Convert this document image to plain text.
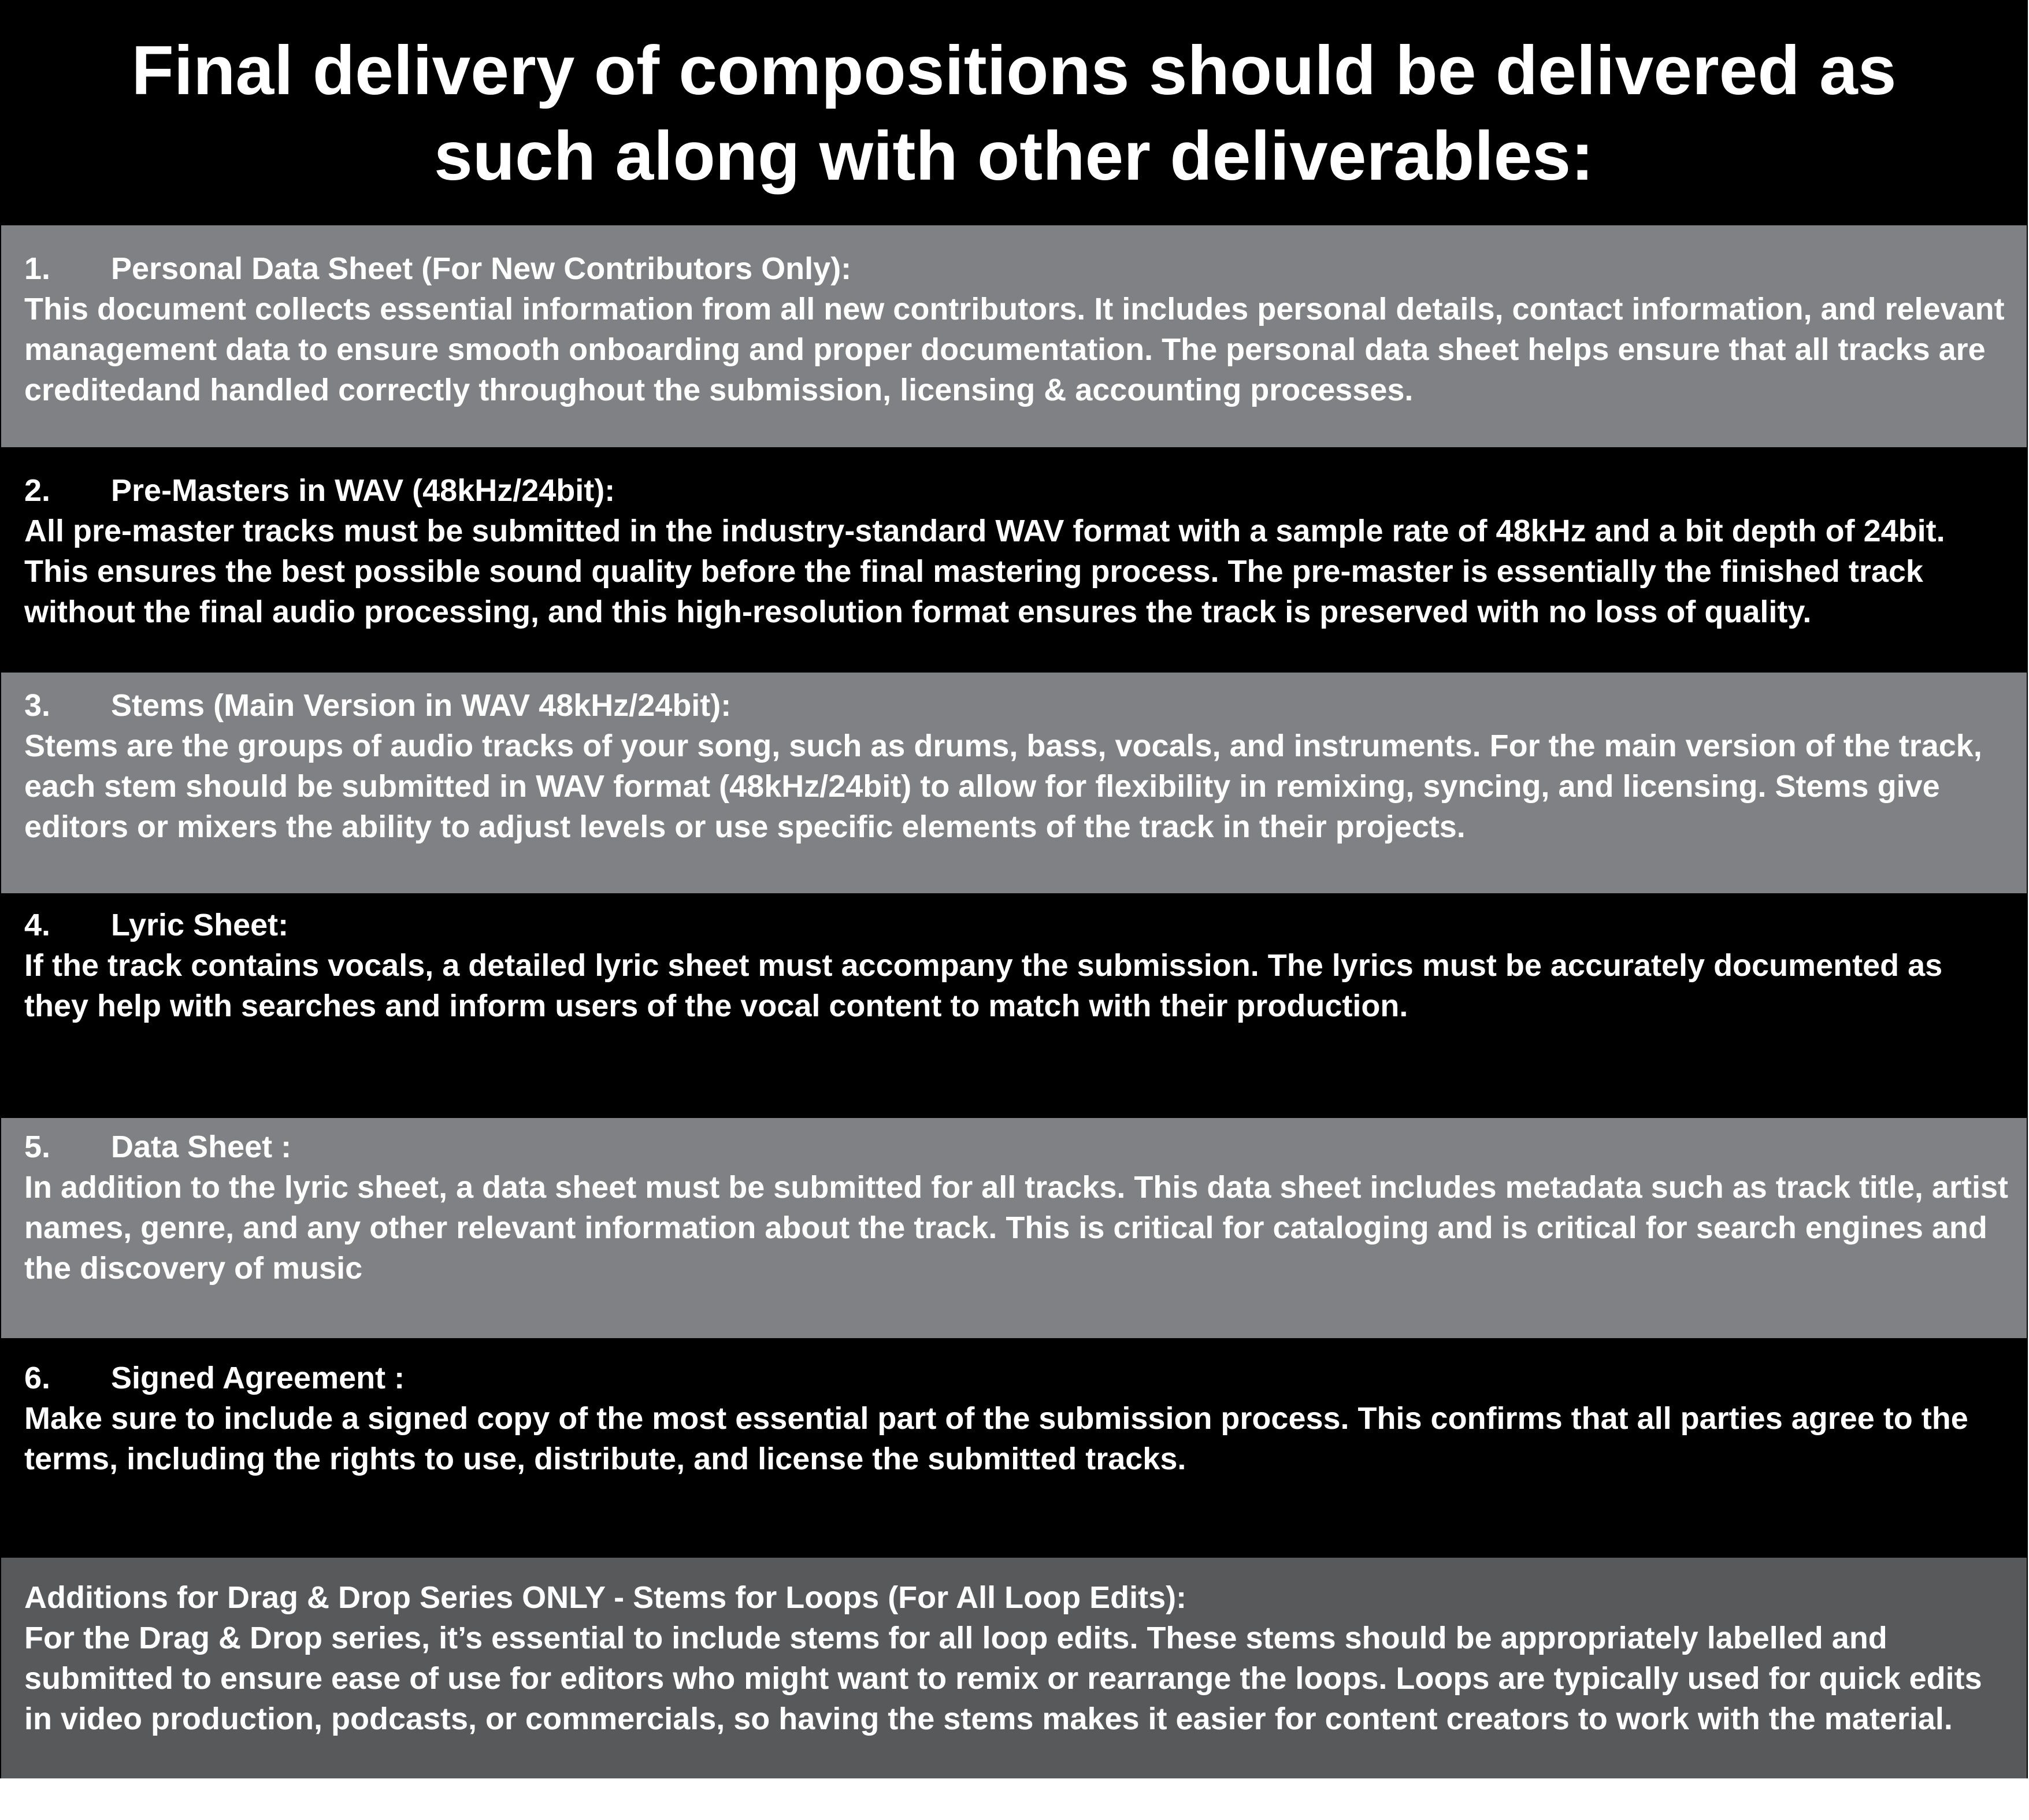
Final delivery of compositions should be delivered as such along with other deliverables:
1.	Personal Data Sheet (For New Contributors Only):

This document collects essential information from all new contributors. It includes personal details, contact information, and relevant management data to ensure smooth onboarding and proper documentation. The personal data sheet helps ensure that all tracks are creditedand handled correctly throughout the submission, licensing & accounting processes.

2.	Pre-Masters in WAV (48kHz/24bit):

All pre-master tracks must be submitted in the industry-standard WAV format with a sample rate of 48kHz and a bit depth of 24bit. This ensures the best possible sound quality before the final mastering process. The pre-master is essentially the finished track without the final audio processing, and this high-resolution format ensures the track is preserved with no loss of quality.

3.	Stems (Main Version in WAV 48kHz/24bit):

Stems are the groups of audio tracks of your song, such as drums, bass, vocals, and instruments. For the main version of the track, each stem should be submitted in WAV format (48kHz/24bit) to allow for flexibility in remixing, syncing, and licensing. Stems give editors or mixers the ability to adjust levels or use specific elements of the track in their projects.

4.	Lyric Sheet:

If the track contains vocals, a detailed lyric sheet must accompany the submission. The lyrics must be accurately documented as they help with searches and inform users of the vocal content to match with their production.

5.	Data Sheet :

In addition to the lyric sheet, a data sheet must be submitted for all tracks. This data sheet includes metadata such as track title, artist names, genre, and any other relevant information about the track. This is critical for cataloging and is critical for search engines and the discovery of music

6.	Signed Agreement :

Make sure to include a signed copy of the most essential part of the submission process. This confirms that all parties agree to the terms, including the rights to use, distribute, and license the submitted tracks.

Additions for Drag & Drop Series ONLY - Stems for Loops (For All Loop Edits):

For the Drag & Drop series, it’s essential to include stems for all loop edits. These stems should be appropriately labelled and submitted to ensure ease of use for editors who might want to remix or rearrange the loops. Loops are typically used for quick edits in video production, podcasts, or commercials, so having the stems makes it easier for content creators to work with the material.
